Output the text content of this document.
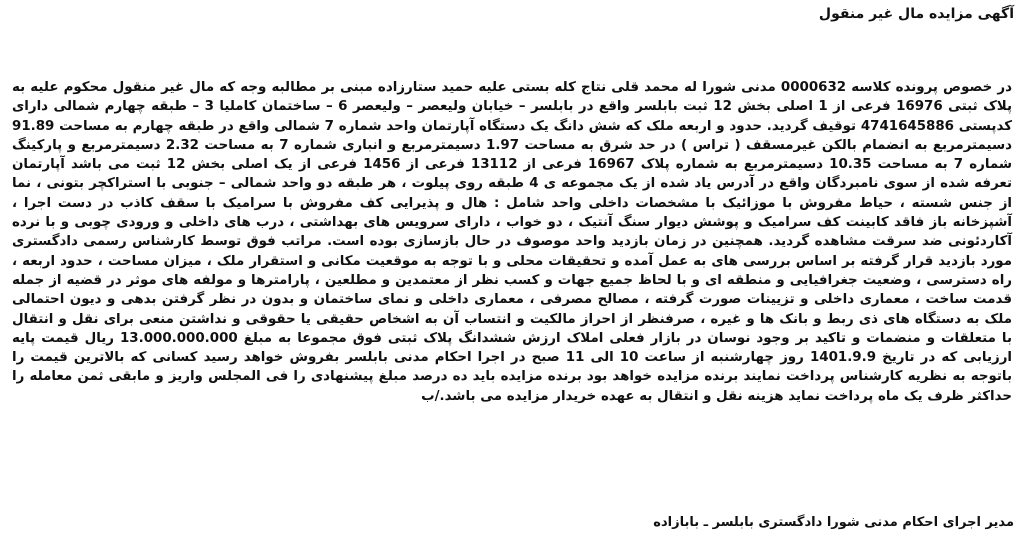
آگهی مزایده مال غیر منقول

در خصوص پرونده کلاسه 0000632 مدنی شورا له محمد قلی نتاج کله بستی علیه حمید ستارزاده مبنی بر مطالبه وجه که مال غیر منقول محکوم علیه به پلاک ثبتی 16976 فرعی از 1 اصلی بخش 12 ثبت بابلسر واقع در بابلسر – خیابان ولیعصر – ولیعصر 6 – ساختمان کاملیا 3 – طبقه چهارم شمالی دارای کدپستی 4741645886 توقیف گردید. حدود و اربعه ملک که شش دانگ یک دستگاه آپارتمان واحد شماره 7 شمالی واقع در طبقه چهارم به مساحت 91.89 دسیمترمربع به انضمام بالکن غیرمسقف ( تراس ) در حد شرق به مساحت 1.97 دسیمترمربع و انباری شماره 7 به مساحت 2.32 دسیمترمربع و پارکینگ شماره 7 به مساحت 10.35 دسیمترمربع به شماره پلاک 16967 فرعی از 13112 فرعی از 1456 فرعی از یک اصلی بخش 12 ثبت می باشد آپارتمان تعرفه شده از سوی نامبردگان واقع در آدرس یاد شده از یک مجموعه ی 4 طبقه روی پیلوت ، هر طبقه دو واحد شمالی – جنوبی با استراکچر بتونی ، نما از جنس شسته ، حیاط مفروش با موزائیک با مشخصات داخلی واحد شامل : هال و پذیرایی کف مفروش با سرامیک با سقف کاذب در دست اجرا ، آشپزخانه باز فاقد کابینت کف سرامیک و پوشش دیوار سنگ آنتیک ، دو خواب ، دارای سرویس های بهداشتی ، درب های داخلی و ورودی چوبی و با نرده آکاردئونی ضد سرقت مشاهده گردید. همچنین در زمان بازدید واحد موصوف در حال بازسازی بوده است. مراتب فوق توسط کارشناس رسمی دادگستری مورد بازدید قرار گرفته بر اساس بررسی های به عمل آمده و تحقیقات محلی و با توجه به موقعیت مکانی و استقرار ملک ، میزان مساحت ، حدود اربعه ، راه دسترسی ، وضعیت جغرافیایی و منطقه ای و با لحاظ جمیع جهات و کسب نظر از معتمدین و مطلعین ، پارامترها و مولفه های موثر در قضیه از جمله قدمت ساخت ، معماری داخلی و تزیینات صورت گرفته ، مصالح مصرفی ، معماری داخلی و نمای ساختمان و بدون در نظر گرفتن بدهی و دیون احتمالی ملک به دستگاه های ذی ربط و بانک ها و غیره ، صرفنظر از احراز مالکیت و انتساب آن به اشخاص حقیقی یا حقوقی و نداشتن منعی برای نقل و انتقال با متعلقات و منضمات و تاکید بر وجود نوسان در بازار فعلی املاک ارزش ششدانگ پلاک ثبتی فوق مجموعا به مبلغ 13.000.000.000 ریال قیمت پایه ارزیابی که در تاریخ 1401.9.9 روز چهارشنبه از ساعت 10 الی 11 صبح در اجرا احکام مدنی بابلسر بفروش خواهد رسید کسانی که بالاترین قیمت را باتوجه به نظریه کارشناس پرداخت نمایند برنده مزایده خواهد بود برنده مزایده باید ده درصد مبلغ پیشنهادی را فی المجلس واریز و مابقی ثمن معامله را حداکثر ظرف یک ماه پرداخت نماید هزینه نقل و انتقال به عهده خریدار مزایده می باشد./ب

مدیر اجرای احکام مدنی شورا دادگستری بابلسر ـ بابازاده
